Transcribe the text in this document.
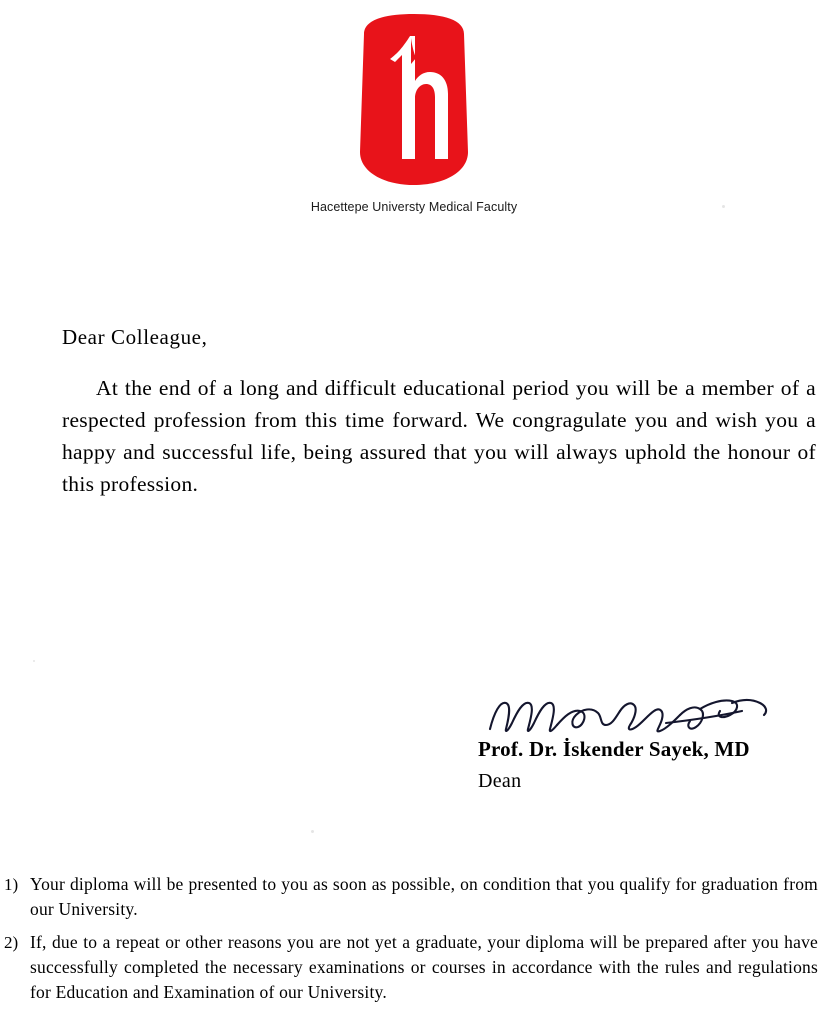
Hacettepe Universty Medical Faculty
Dear Colleague,

At the end of a long and difficult educational period you will be a member of a respected profession from this time forward. We congragulate you and wish you a happy and successful life, being assured that you will always uphold the honour of this profession.

Prof. Dr. İskender Sayek, MD
Dean
1) Your diploma will be presented to you as soon as possible, on condition that you qualify for graduation from our University.
2) If, due to a repeat or other reasons you are not yet a graduate, your diploma will be prepared after you have successfully completed the necessary examinations or courses in accordance with the rules and regulations for Education and Examination of our University.
